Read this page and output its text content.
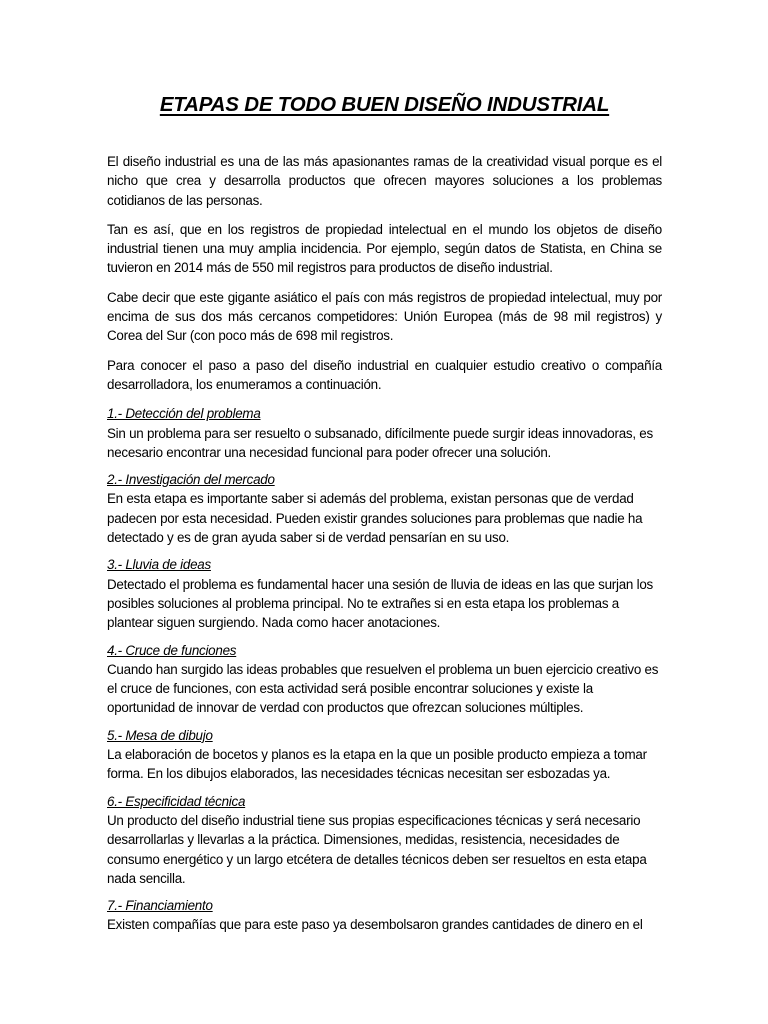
ETAPAS DE TODO BUEN DISEÑO INDUSTRIAL

El diseño industrial es una de las más apasionantes ramas de la creatividad visual porque es el nicho que crea y desarrolla productos que ofrecen mayores soluciones a los problemas cotidianos de las personas.

Tan es así, que en los registros de propiedad intelectual en el mundo los objetos de diseño industrial tienen una muy amplia incidencia. Por ejemplo, según datos de Statista, en China se tuvieron en 2014 más de 550 mil registros para productos de diseño industrial.

Cabe decir que este gigante asiático el país con más registros de propiedad intelectual, muy por encima de sus dos más cercanos competidores: Unión Europea (más de 98 mil registros) y Corea del Sur (con poco más de 698 mil registros.

Para conocer el paso a paso del diseño industrial en cualquier estudio creativo o compañía desarrolladora, los enumeramos a continuación.

1.- Detección del problema

Sin un problema para ser resuelto o subsanado, difícilmente puede surgir ideas innovadoras, es necesario encontrar una necesidad funcional para poder ofrecer una solución.

2.- Investigación del mercado

En esta etapa es importante saber si además del problema, existan personas que de verdad padecen por esta necesidad. Pueden existir grandes soluciones para problemas que nadie ha detectado y es de gran ayuda saber si de verdad pensarían en su uso.

3.- Lluvia de ideas

Detectado el problema es fundamental hacer una sesión de lluvia de ideas en las que surjan los posibles soluciones al problema principal. No te extrañes si en esta etapa los problemas a plantear siguen surgiendo. Nada como hacer anotaciones.

4.- Cruce de funciones

Cuando han surgido las ideas probables que resuelven el problema un buen ejercicio creativo es el cruce de funciones, con esta actividad será posible encontrar soluciones y existe la oportunidad de innovar de verdad con productos que ofrezcan soluciones múltiples.

5.- Mesa de dibujo

La elaboración de bocetos y planos es la etapa en la que un posible producto empieza a tomar forma. En los dibujos elaborados, las necesidades técnicas necesitan ser esbozadas ya.

6.- Especificidad técnica

Un producto del diseño industrial tiene sus propias especificaciones técnicas y será necesario desarrollarlas y llevarlas a la práctica. Dimensiones, medidas, resistencia, necesidades de consumo energético y un largo etcétera de detalles técnicos deben ser resueltos en esta etapa nada sencilla.

7.- Financiamiento

Existen compañías que para este paso ya desembolsaron grandes cantidades de dinero en el
